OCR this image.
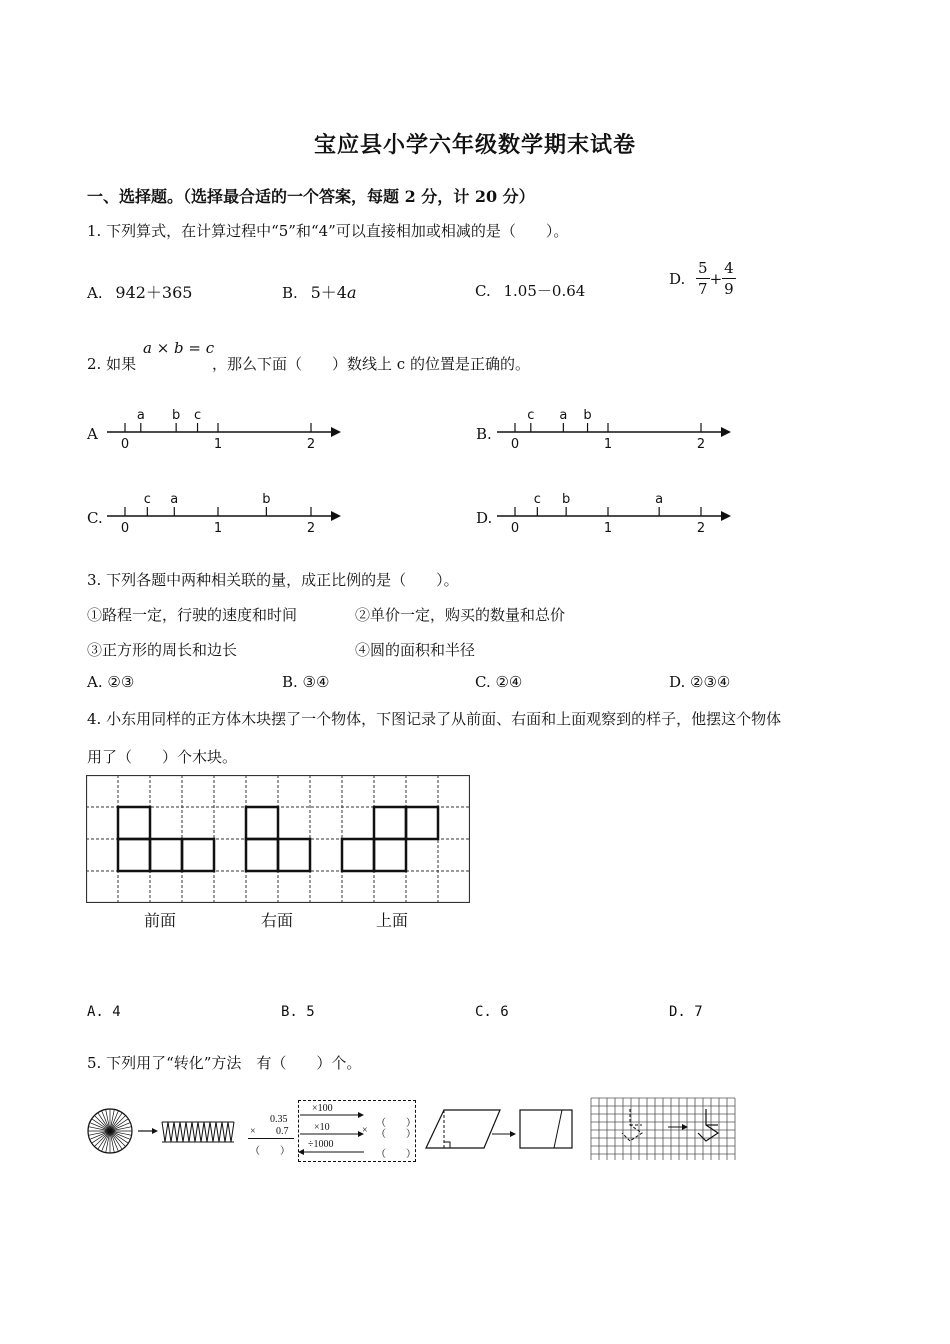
宝应县小学六年级数学期末试卷
一、选择题。（选择最合适的一个答案，每题 2 分，计 20 分）
1. 下列算式，在计算过程中“5”和“4”可以直接相加或相减的是（　　）。
A. 942＋365	B. 5＋4a	C. 1.05－0.64
D. $\frac{5}{7} + \frac{4}{9}$
2. 如果
a × b = c
，那么下面（　　）数线上 c 的位置是正确的。
A
0	1	2
a b c
B.
0	1	2
c a b
C.
0	1	2
c a	b
D.
0	1	2
c b	a
3. 下列各题中两种相关联的量，成正比例的是（　　）。
①路程一定，行驶的速度和时间	②单价一定，购买的数量和总价
③正方形的周长和边长	④圆的面积和半径
A. ②③	B. ③④	C. ②④	D. ②③④
4. 小东用同样的正方体木块摆了一个物体，下图记录了从前面、右面和上面观察到的样子，他摆这个物体
用了（　　）个木块。
前面	右面	上面
A. 4	B. 5	C. 6	D. 7
5. 下列用了“转化”方法　有（　　）个。
0.35
× 0.7
（　　）
×100
×10
÷1000
（　　）
× （　　）
（　　）
